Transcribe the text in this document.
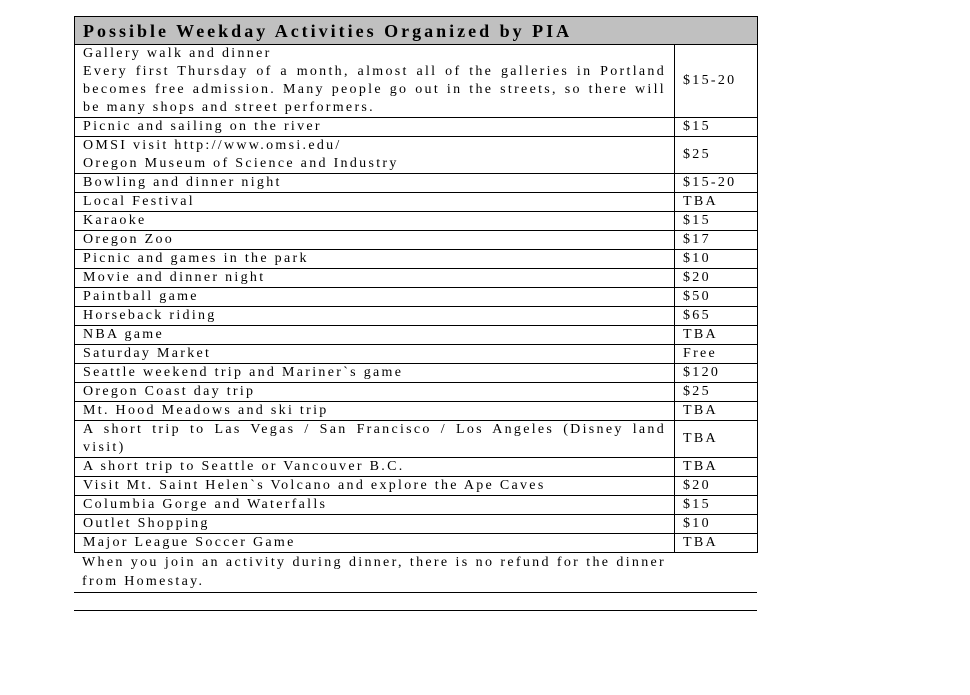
Possible Weekday Activities Organized by PIA	

Gallery walk and dinner
Every first Thursday of a month, almost all of the galleries in Portland becomes free admission. Many people go out in the streets, so there will be many shops and street performers.	$15-20

Picnic and sailing on the river	$15

OMSI visit http://www.omsi.edu/
Oregon Museum of Science and Industry	$25

Bowling and dinner night	$15-20

Local Festival	TBA

Karaoke	$15

Oregon Zoo	$17

Picnic and games in the park	$10

Movie and dinner night	$20

Paintball game	$50

Horseback riding	$65

NBA game	TBA

Saturday Market	Free

Seattle weekend trip and Mariner`s game	$120

Oregon Coast day trip	$25

Mt. Hood Meadows and ski trip	TBA

A short trip to Las Vegas / San Francisco / Los Angeles (Disney land visit)	TBA

A short trip to Seattle or Vancouver B.C.	TBA

Visit Mt. Saint Helen`s Volcano and explore the Ape Caves	$20

Columbia Gorge and Waterfalls	$15

Outlet Shopping	$10

Major League Soccer Game	TBA
When you join an activity during dinner, there is no refund for the dinner from Homestay.
